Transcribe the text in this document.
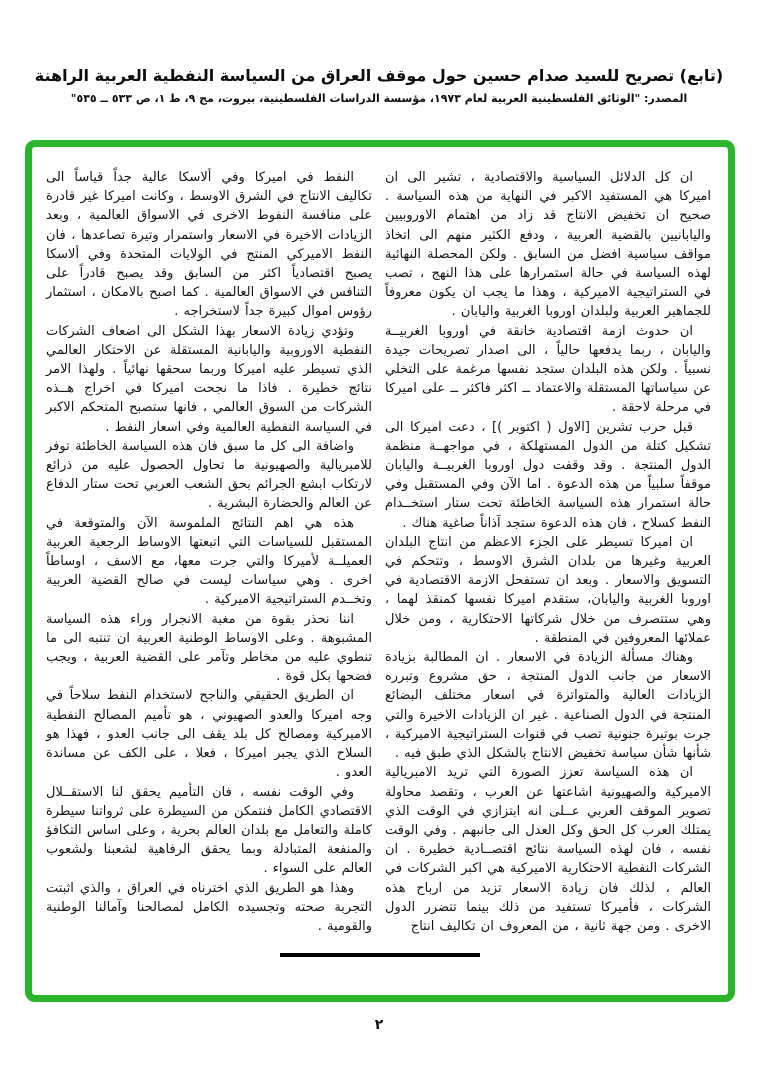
(تابع) تصريح للسيد صدام حسين حول موقف العراق من السياسة النفطية العربية الراهنة
المصدر: "الوثائق الفلسطينية العربية لعام ١٩٧٣، مؤسسة الدراسات الفلسطينية، بيروت، مج ٩، ط ١، ص ٥٣٣ ــ ٥٣٥"

ان كل الدلائل السياسية والاقتصادية ، تشير الى ان اميركا هي المستفيد الاكبر في النهاية من هذه السياسة . صحيح ان تخفيض الانتاج قد زاد من اهتمام الاوروبيين واليابانيين بالقضية العربية ، ودفع الكثير منهم الى اتخاذ مواقف سياسية افضل من السابق . ولكن المحصلة النهائية لهذه السياسة في حالة استمرارها على هذا النهج ، تصب في الستراتيجية الاميركية ، وهذا ما يجب ان يكون معروفاً للجماهير العربية ولبلدان اوروبا الغربية واليابان .

ان حدوث ازمة اقتصادية خانقة في اوروبا الغربيــة واليابان ، ربما يدفعها حالياً ، الى اصدار تصريحات جيدة نسبياً . ولكن هذه البلدان ستجد نفسها مرغمة على التخلي عن سياساتها المستقلة والاعتماد ــ اكثر فاكثر ــ على اميركا في مرحلة لاحقة .

قبل حرب تشرين [الاول ( اكتوبر )] ، دعت اميركا الى تشكيل كتلة من الدول المستهلكة ، في مواجهــة منظمة الدول المنتجة . وقد وقفت دول اوروبا الغربيــة واليابان موقفاً سلبياً من هذه الدعوة . اما الآن وفي المستقبل وفي حالة استمرار هذه السياسة الخاطئة تحت ستار استخــدام النفط كسلاح ، فان هذه الدعوة ستجد آذاناً صاغية هناك .

ان اميركا تسيطر على الجزء الاعظم من انتاج البلدان العربية وغيرها من بلدان الشرق الاوسط ، وتتحكم في التسويق والاسعار . وبعد ان تستفحل الازمة الاقتصادية في اوروبا الغربية واليابان، ستقدم اميركا نفسها كمنقذ لهما ، وهي ستتصرف من خلال شركاتها الاحتكارية ، ومن خلال عملائها المعروفين في المنطقة .

وهناك مسألة الزيادة في الاسعار . ان المطالبة بزيادة الاسعار من جانب الدول المنتجة ، حق مشروع وتبرره الزيادات العالية والمتواترة في اسعار مختلف البضائع المنتجة في الدول الصناعية . غير ان الزيادات الاخيرة والتي جرت بوتيرة جنونية تصب في قنوات الستراتيجية الاميركية ، شأنها شأن سياسة تخفيض الانتاج بالشكل الذي طبق فيه .

ان هذه السياسة تعزز الصورة التي تريد الامبريالية الاميركية والصهيونية اشاعتها عن العرب ، وتقصد محاولة تصوير الموقف العربي عــلى انه ابتزازي في الوقت الذي يمتلك العرب كل الحق وكل العدل الى جانبهم . وفي الوقت نفسه ، فان لهذه السياسة نتائج اقتصــادية خطيرة . ان الشركات النفطية الاحتكارية الاميركية هي اكبر الشركات في العالم ، لذلك فان زيادة الاسعار تزيد من ارباح هذه الشركات ، فأميركا تستفيد من ذلك بينما تتضرر الدول الاخرى . ومن جهة ثانية ، من المعروف ان تكاليف انتاج

النفط في اميركا وفي ألاسكا عالية جداً قياساً الى تكاليف الانتاج في الشرق الاوسط ، وكانت اميركا غير قادرة على منافسة النفوط الاخرى في الاسواق العالمية ، وبعد الزيادات الاخيرة في الاسعار واستمرار وتيرة تصاعدها ، فان النفط الاميركي المنتج في الولايات المتحدة وفي ألاسكا يصبح اقتصادياً اكثر من السابق وقد يصبح قادراً على التنافس في الاسواق العالمية . كما اصبح بالامكان ، استثمار رؤوس اموال كبيرة جداً لاستخراجه .

وتؤدي زيادة الاسعار بهذا الشكل الى اضعاف الشركات النفطية الاوروبية واليابانية المستقلة عن الاحتكار العالمي الذي تسيطر عليه اميركا وربما سحقها نهائياً . ولهذا الامر نتائج خطيرة . فاذا ما نجحت اميركا في اخراج هــذه الشركات من السوق العالمي ، فانها ستصبح المتحكم الاكبر في السياسة النفطية العالمية وفي اسعار النفط .

واضافة الى كل ما سبق فان هذه السياسة الخاطئة توفر للامبريالية والصهيونية ما تحاول الحصول عليه من ذرائع لارتكاب ابشع الجرائم بحق الشعب العربي تحت ستار الدفاع عن العالم والحضارة البشرية .

هذه هي اهم النتائج الملموسة الآن والمتوقعة في المستقبل للسياسات التي اتبعتها الاوساط الرجعية العربية العميلــة لأميركا والتي جرت معها، مع الاسف ، اوساطاً اخرى . وهي سياسات ليست في صالح القضية العربية وتخــدم الستراتيجية الاميركية .

اننا نحذر بقوة من مغبة الانجرار وراء هذه السياسة المشبوهة . وعلى الاوساط الوطنية العربية ان تنتبه الى ما تنطوي عليه من مخاطر وتآمر على القضية العربية ، ويجب فضحها بكل قوة .

ان الطريق الحقيقي والناجح لاستخدام النفط سلاحاً في وجه اميركا والعدو الصهيوني ، هو تأميم المصالح النفطية الاميركية ومصالح كل بلد يقف الى جانب العدو ، فهذا هو السلاح الذي يجبر اميركا ، فعلا ، على الكف عن مساندة العدو .

وفي الوقت نفسه ، فان التأميم يحقق لنا الاستقــلال الاقتصادي الكامل فنتمكن من السيطرة على ثرواتنا سيطرة كاملة والتعامل مع بلدان العالم بحرية ، وعلى اساس التكافؤ والمنفعة المتبادلة وبما يحقق الرفاهية لشعبنا ولشعوب العالم على السواء .

وهذا هو الطريق الذي اخترناه في العراق ، والذي اثبتت التجربة صحته وتجسيده الكامل لمصالحنا وآمالنا الوطنية والقومية .

٢
